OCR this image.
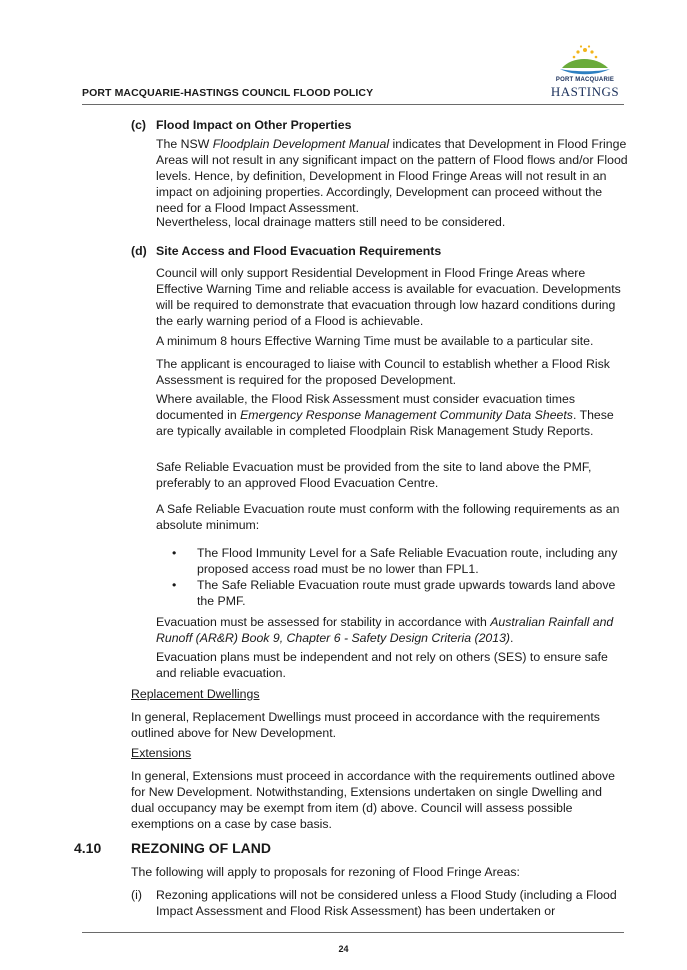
PORT MACQUARIE-HASTINGS COUNCIL FLOOD POLICY
PORT MACQUARIE
HASTINGS
(c) Flood Impact on Other Properties

The NSW Floodplain Development Manual indicates that Development in Flood Fringe Areas will not result in any significant impact on the pattern of Flood flows and/or Flood levels. Hence, by definition, Development in Flood Fringe Areas will not result in an impact on adjoining properties. Accordingly, Development can proceed without the need for a Flood Impact Assessment.

Nevertheless, local drainage matters still need to be considered.

(d) Site Access and Flood Evacuation Requirements

Council will only support Residential Development in Flood Fringe Areas where Effective Warning Time and reliable access is available for evacuation. Developments will be required to demonstrate that evacuation through low hazard conditions during the early warning period of a Flood is achievable.

A minimum 8 hours Effective Warning Time must be available to a particular site.

The applicant is encouraged to liaise with Council to establish whether a Flood Risk Assessment is required for the proposed Development.

Where available, the Flood Risk Assessment must consider evacuation times documented in Emergency Response Management Community Data Sheets. These are typically available in completed Floodplain Risk Management Study Reports.

Safe Reliable Evacuation must be provided from the site to land above the PMF, preferably to an approved Flood Evacuation Centre.

A Safe Reliable Evacuation route must conform with the following requirements as an absolute minimum:

• The Flood Immunity Level for a Safe Reliable Evacuation route, including any proposed access road must be no lower than FPL1.
• The Safe Reliable Evacuation route must grade upwards towards land above the PMF.

Evacuation must be assessed for stability in accordance with Australian Rainfall and Runoff (AR&R) Book 9, Chapter 6 - Safety Design Criteria (2013).

Evacuation plans must be independent and not rely on others (SES) to ensure safe and reliable evacuation.

Replacement Dwellings

In general, Replacement Dwellings must proceed in accordance with the requirements outlined above for New Development.

Extensions

In general, Extensions must proceed in accordance with the requirements outlined above for New Development. Notwithstanding, Extensions undertaken on single Dwelling and dual occupancy may be exempt from item (d) above. Council will assess possible exemptions on a case by case basis.

4.10 REZONING OF LAND

The following will apply to proposals for rezoning of Flood Fringe Areas:

(i) Rezoning applications will not be considered unless a Flood Study (including a Flood Impact Assessment and Flood Risk Assessment) has been undertaken or
24
